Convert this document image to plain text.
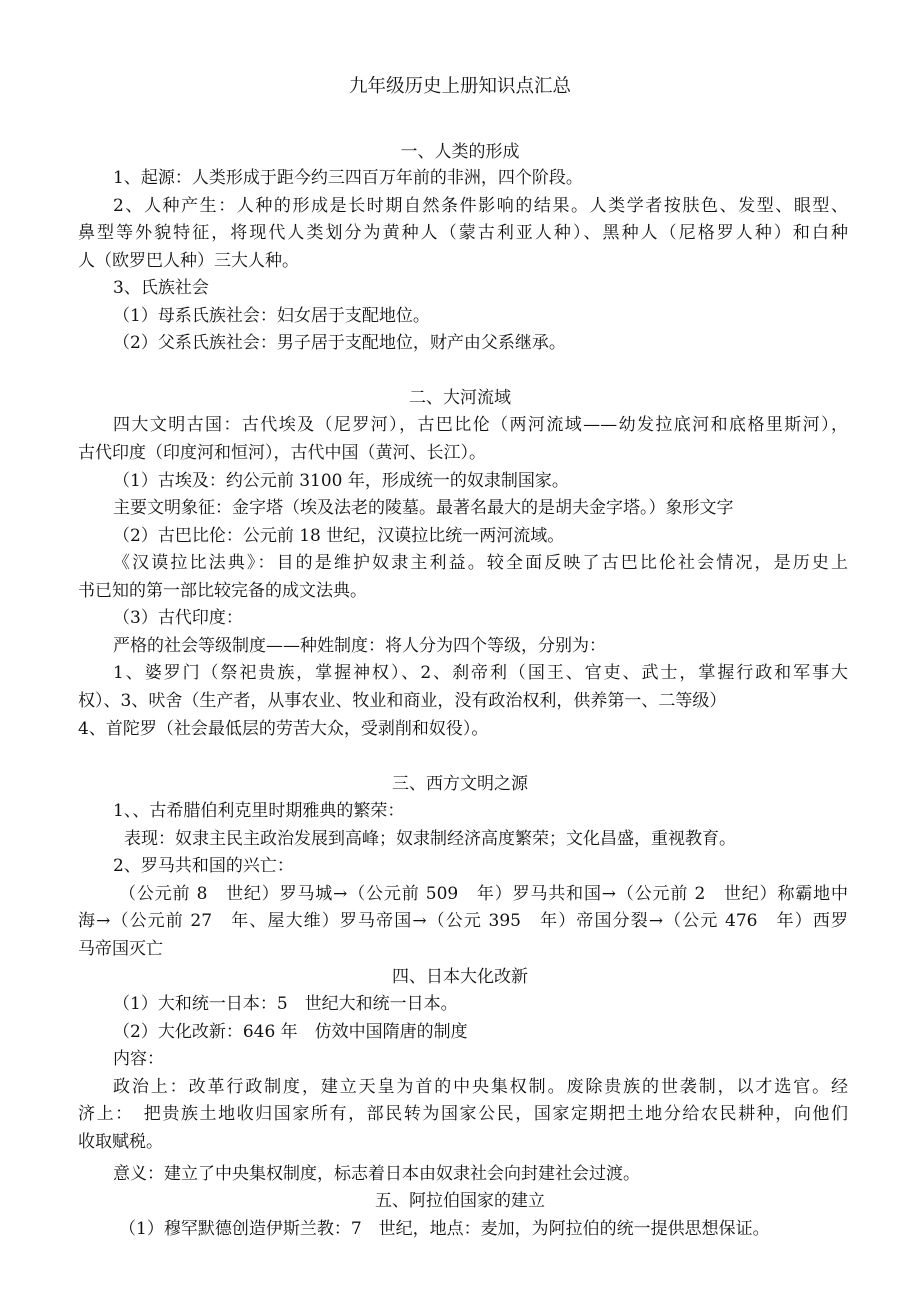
九年级历史上册知识点汇总
一、人类的形成
1、起源：人类形成于距今约三四百万年前的非洲，四个阶段。
2、人种产生：人种的形成是长时期自然条件影响的结果。人类学者按肤色、发型、眼型、
鼻型等外貌特征，将现代人类划分为黄种人（蒙古利亚人种）、黑种人（尼格罗人种）和白种
人（欧罗巴人种）三大人种。
3、氏族社会
（1）母系氏族社会：妇女居于支配地位。
（2）父系氏族社会：男子居于支配地位，财产由父系继承。
二、大河流域
四大文明古国：古代埃及（尼罗河），古巴比伦（两河流域——幼发拉底河和底格里斯河），
古代印度（印度河和恒河），古代中国（黄河、长江）。
（1）古埃及：约公元前 3100 年，形成统一的奴隶制国家。
主要文明象征：金字塔（埃及法老的陵墓。最著名最大的是胡夫金字塔。）象形文字
（2）古巴比伦：公元前 18 世纪，汉谟拉比统一两河流域。
《汉谟拉比法典》：目的是维护奴隶主利益。较全面反映了古巴比伦社会情况，是历史上
书已知的第一部比较完备的成文法典。
（3）古代印度：
严格的社会等级制度——种姓制度：将人分为四个等级，分别为：
1、婆罗门（祭祀贵族，掌握神权）、2、刹帝利（国王、官吏、武士，掌握行政和军事大
权）、3、吠舍（生产者，从事农业、牧业和商业，没有政治权利，供养第一、二等级）
4、首陀罗（社会最低层的劳苦大众，受剥削和奴役）。
三、西方文明之源
1、、古希腊伯利克里时期雅典的繁荣：
表现：奴隶主民主政治发展到高峰；奴隶制经济高度繁荣；文化昌盛，重视教育。
2、罗马共和国的兴亡：
（公元前 8　世纪）罗马城→（公元前 509　年）罗马共和国→（公元前 2　世纪）称霸地中
海→（公元前 27　年、屋大维）罗马帝国→（公元 395　年）帝国分裂→（公元 476　年）西罗
马帝国灭亡
四、日本大化改新
（1）大和统一日本：5　世纪大和统一日本。
（2）大化改新：646 年　仿效中国隋唐的制度
内容：
政治上：改革行政制度，建立天皇为首的中央集权制。废除贵族的世袭制，以才选官。经
济上：　把贵族土地收归国家所有，部民转为国家公民，国家定期把土地分给农民耕种，向他们
收取赋税。
意义：建立了中央集权制度，标志着日本由奴隶社会向封建社会过渡。
五、阿拉伯国家的建立
（1）穆罕默德创造伊斯兰教：7　世纪，地点：麦加，为阿拉伯的统一提供思想保证。
